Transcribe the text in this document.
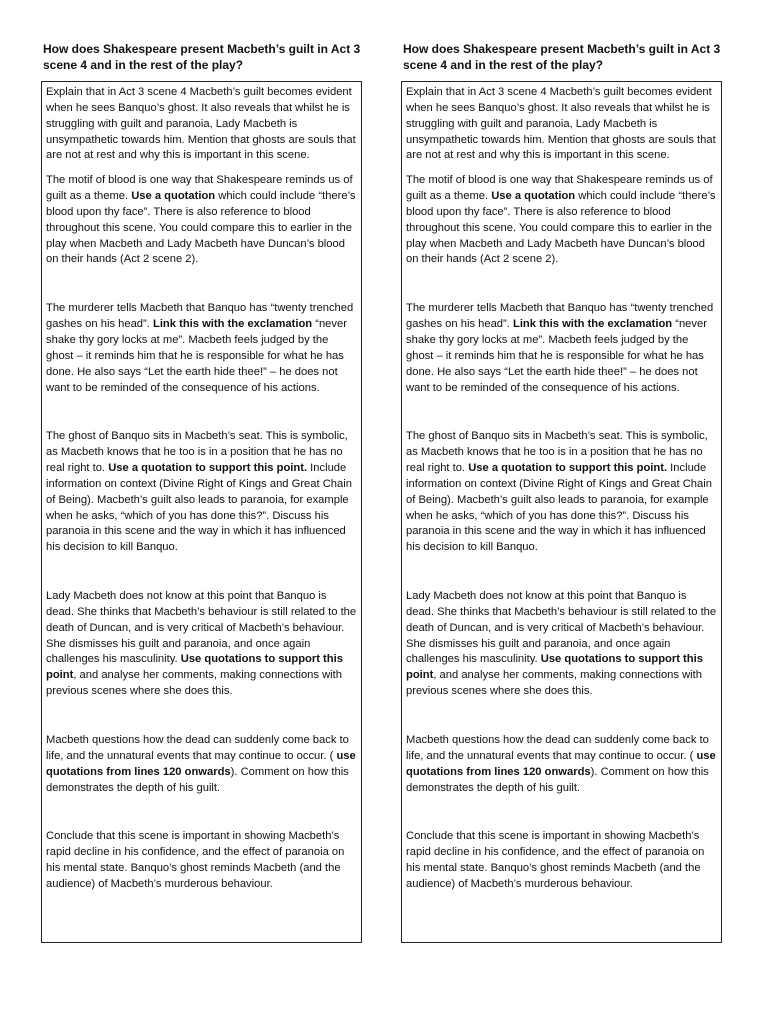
How does Shakespeare present Macbeth’s guilt in Act 3 scene 4 and in the rest of the play?

Explain that in Act 3 scene 4 Macbeth’s guilt becomes evident when he sees Banquo’s ghost. It also reveals that whilst he is struggling with guilt and paranoia, Lady Macbeth is unsympathetic towards him. Mention that ghosts are souls that are not at rest and why this is important in this scene.

The motif of blood is one way that Shakespeare reminds us of guilt as a theme. Use a quotation which could include “there’s blood upon thy face”. There is also reference to blood throughout this scene. You could compare this to earlier in the play when Macbeth and Lady Macbeth have Duncan’s blood on their hands (Act 2 scene 2).

The murderer tells Macbeth that Banquo has “twenty trenched gashes on his head”. Link this with the exclamation “never shake thy gory locks at me”. Macbeth feels judged by the ghost – it reminds him that he is responsible for what he has done. He also says “Let the earth hide thee!” – he does not want to be reminded of the consequence of his actions.

The ghost of Banquo sits in Macbeth’s seat. This is symbolic, as Macbeth knows that he too is in a position that he has no real right to. Use a quotation to support this point. Include information on context (Divine Right of Kings and Great Chain of Being). Macbeth’s guilt also leads to paranoia, for example when he asks, “which of you has done this?”. Discuss his paranoia in this scene and the way in which it has influenced his decision to kill Banquo.

Lady Macbeth does not know at this point that Banquo is dead. She thinks that Macbeth’s behaviour is still related to the death of Duncan, and is very critical of Macbeth’s behaviour. She dismisses his guilt and paranoia, and once again challenges his masculinity. Use quotations to support this point, and analyse her comments, making connections with previous scenes where she does this.

Macbeth questions how the dead can suddenly come back to life, and the unnatural events that may continue to occur. ( use quotations from lines 120 onwards). Comment on how this demonstrates the depth of his guilt.

Conclude that this scene is important in showing Macbeth’s rapid decline in his confidence, and the effect of paranoia on his mental state. Banquo’s ghost reminds Macbeth (and the audience) of Macbeth’s murderous behaviour.

How does Shakespeare present Macbeth’s guilt in Act 3 scene 4 and in the rest of the play?

Explain that in Act 3 scene 4 Macbeth’s guilt becomes evident when he sees Banquo’s ghost. It also reveals that whilst he is struggling with guilt and paranoia, Lady Macbeth is unsympathetic towards him. Mention that ghosts are souls that are not at rest and why this is important in this scene.

The motif of blood is one way that Shakespeare reminds us of guilt as a theme. Use a quotation which could include “there’s blood upon thy face”. There is also reference to blood throughout this scene. You could compare this to earlier in the play when Macbeth and Lady Macbeth have Duncan’s blood on their hands (Act 2 scene 2).

The murderer tells Macbeth that Banquo has “twenty trenched gashes on his head”. Link this with the exclamation “never shake thy gory locks at me”. Macbeth feels judged by the ghost – it reminds him that he is responsible for what he has done. He also says “Let the earth hide thee!” – he does not want to be reminded of the consequence of his actions.

The ghost of Banquo sits in Macbeth’s seat. This is symbolic, as Macbeth knows that he too is in a position that he has no real right to. Use a quotation to support this point. Include information on context (Divine Right of Kings and Great Chain of Being). Macbeth’s guilt also leads to paranoia, for example when he asks, “which of you has done this?”. Discuss his paranoia in this scene and the way in which it has influenced his decision to kill Banquo.

Lady Macbeth does not know at this point that Banquo is dead. She thinks that Macbeth’s behaviour is still related to the death of Duncan, and is very critical of Macbeth’s behaviour. She dismisses his guilt and paranoia, and once again challenges his masculinity. Use quotations to support this point, and analyse her comments, making connections with previous scenes where she does this.

Macbeth questions how the dead can suddenly come back to life, and the unnatural events that may continue to occur. ( use quotations from lines 120 onwards). Comment on how this demonstrates the depth of his guilt.

Conclude that this scene is important in showing Macbeth’s rapid decline in his confidence, and the effect of paranoia on his mental state. Banquo’s ghost reminds Macbeth (and the audience) of Macbeth’s murderous behaviour.
